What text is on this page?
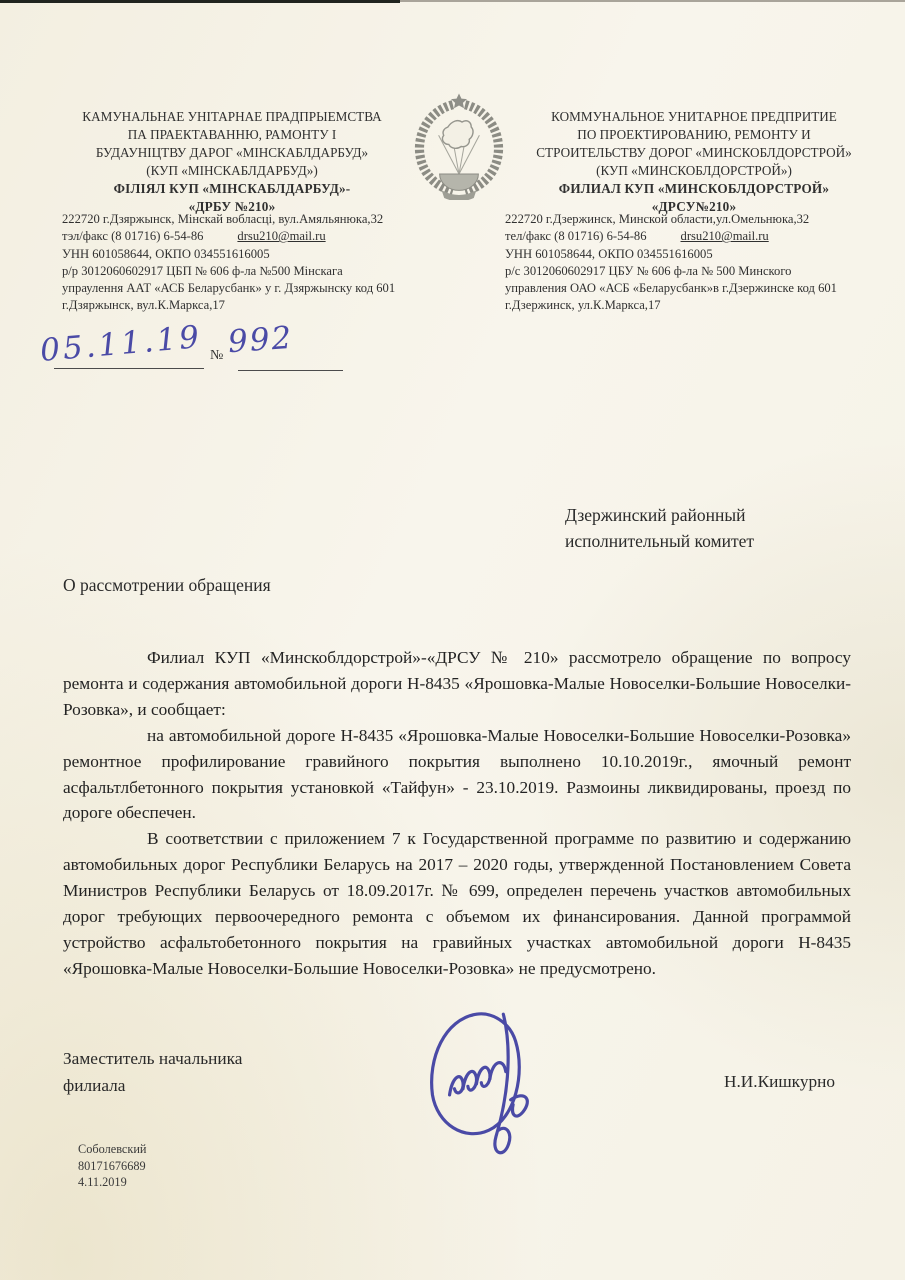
КАМУНАЛЬНАЕ УНІТАРНАЕ ПРАДПРЫЕМСТВА
ПА ПРАЕКТАВАННЮ, РАМОНТУ І
БУДАУНІЦТВУ ДАРОГ «МІНСКАБЛДАРБУД»
(КУП «МІНСКАБЛДАРБУД»)
ФІЛІЯЛ КУП «МІНСКАБЛДАРБУД»-
«ДРБУ №210»
222720 г.Дзяржынск, Мінскай вобласці, вул.Амяльянюка,32
тэл/факс (8 01716) 6-54-86	drsu210@mail.ru
УНН 601058644, ОКПО 034551616005
р/р 3012060602917 ЦБП № 606 ф-ла №500 Мінскага
упраулення ААТ «АСБ Беларусбанк» у г. Дзяржынску код 601
г.Дзяржынск, вул.К.Маркса,17
КОММУНАЛЬНОЕ УНИТАРНОЕ ПРЕДПРИТИЕ
ПО ПРОЕКТИРОВАНИЮ, РЕМОНТУ И
СТРОИТЕЛЬСТВУ ДОРОГ «МИНСКОБЛДОРСТРОЙ»
(КУП «МИНСКОБЛДОРСТРОЙ»)
ФИЛИАЛ КУП «МИНСКОБЛДОРСТРОЙ»
«ДРСУ№210»
222720 г.Дзержинск, Минской области,ул.Омельнюка,32
тел/факс (8 01716) 6-54-86	drsu210@mail.ru
УНН 601058644, ОКПО 034551616005
р/с 3012060602917 ЦБУ № 606 ф-ла № 500 Минского
управления ОАО «АСБ «Беларусбанк»в г.Дзержинске код 601
г.Дзержинск, ул.К.Маркса,17
05.11.19 № 992
Дзержинский районный
исполнительный комитет
О рассмотрении обращения

Филиал КУП «Минскоблдорстрой»-«ДРСУ № 210» рассмотрело обращение по вопросу ремонта и содержания автомобильной дороги Н-8435 «Ярошовка-Малые Новоселки-Большие Новоселки-Розовка», и сообщает:

на автомобильной дороге Н-8435 «Ярошовка-Малые Новоселки-Большие Новоселки-Розовка» ремонтное профилирование гравийного покрытия выполнено 10.10.2019г., ямочный ремонт асфальтлбетонного покрытия установкой «Тайфун» - 23.10.2019. Размоины ликвидированы, проезд по дороге обеспечен.

В соответствии с приложением 7 к Государственной программе по развитию и содержанию автомобильных дорог Республики Беларусь на 2017 – 2020 годы, утвержденной Постановлением Совета Министров Республики Беларусь от 18.09.2017г. № 699, определен перечень участков автомобильных дорог требующих первоочередного ремонта с объемом их финансирования. Данной программой устройство асфальтобетонного покрытия на гравийных участках автомобильной дороги Н-8435 «Ярошовка-Малые Новоселки-Большие Новоселки-Розовка» не предусмотрено.

Заместитель начальника
филиала	Н.И.Кишкурно
Соболевский
80171676689
4.11.2019
